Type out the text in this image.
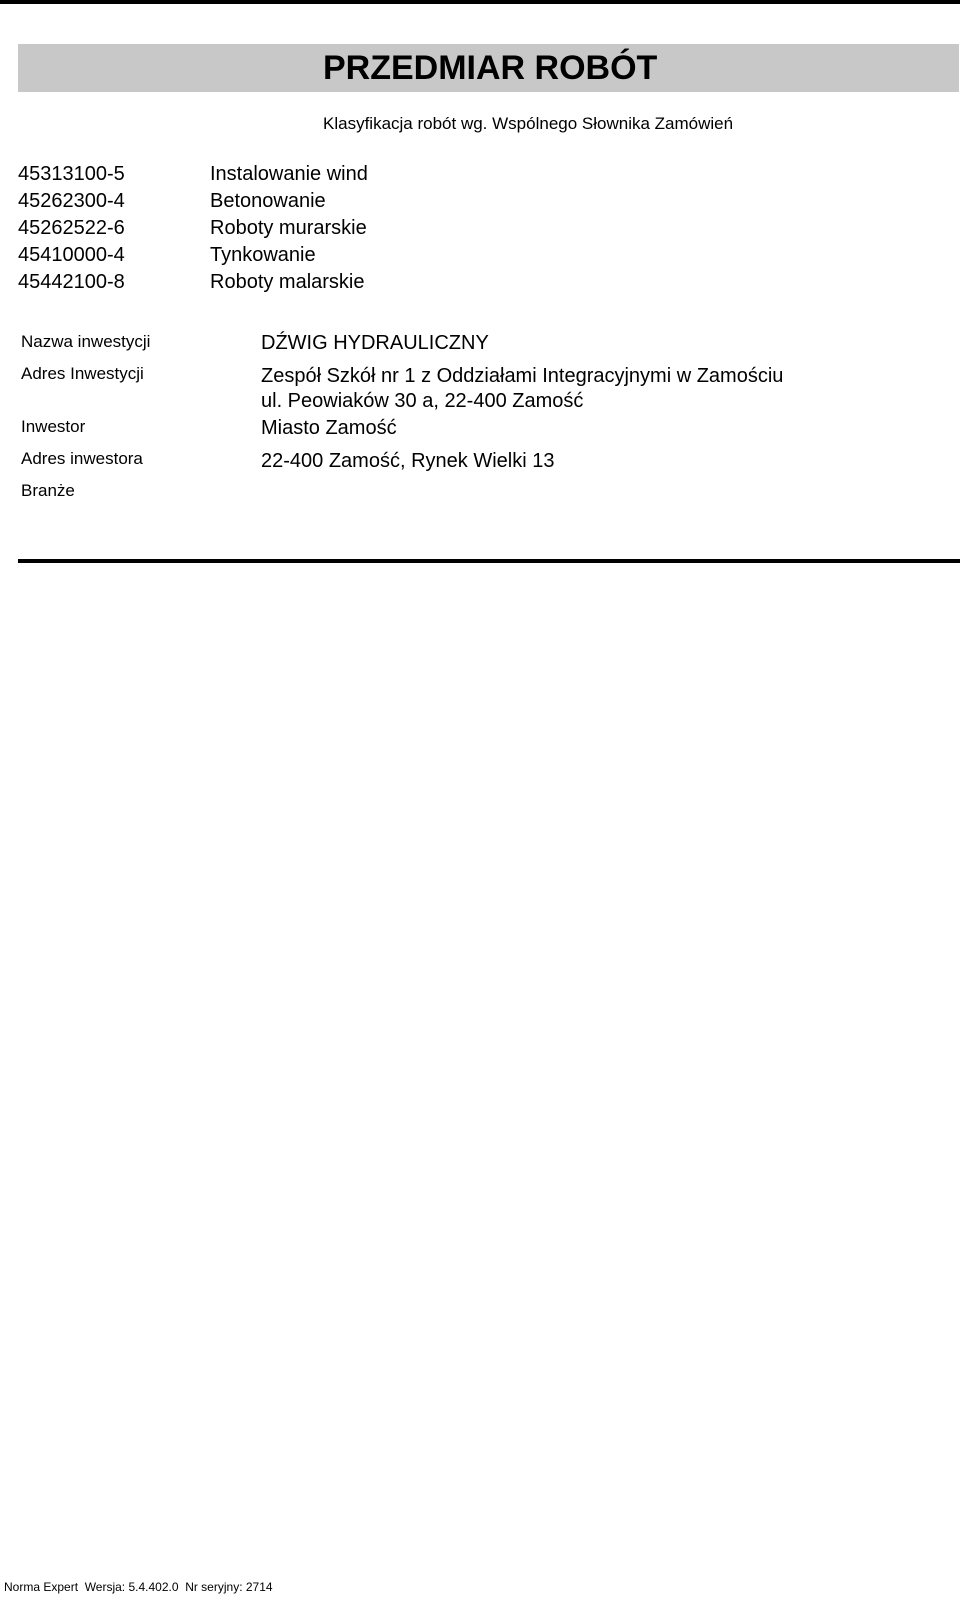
PRZEDMIAR ROBÓT
Klasyfikacja robót wg. Wspólnego Słownika Zamówień
45313100-5	Instalowanie wind
45262300-4	Betonowanie
45262522-6	Roboty murarskie
45410000-4	Tynkowanie
45442100-8	Roboty malarskie
Nazwa inwestycji	DŹWIG HYDRAULICZNY
Adres Inwestycji	Zespół Szkół nr 1 z Oddziałami Integracyjnymi w Zamościu
ul. Peowiaków 30 a, 22-400 Zamość
Inwestor	Miasto Zamość
Adres inwestora	22-400 Zamość, Rynek Wielki 13
Branże
Norma Expert  Wersja: 5.4.402.0  Nr seryjny: 2714
